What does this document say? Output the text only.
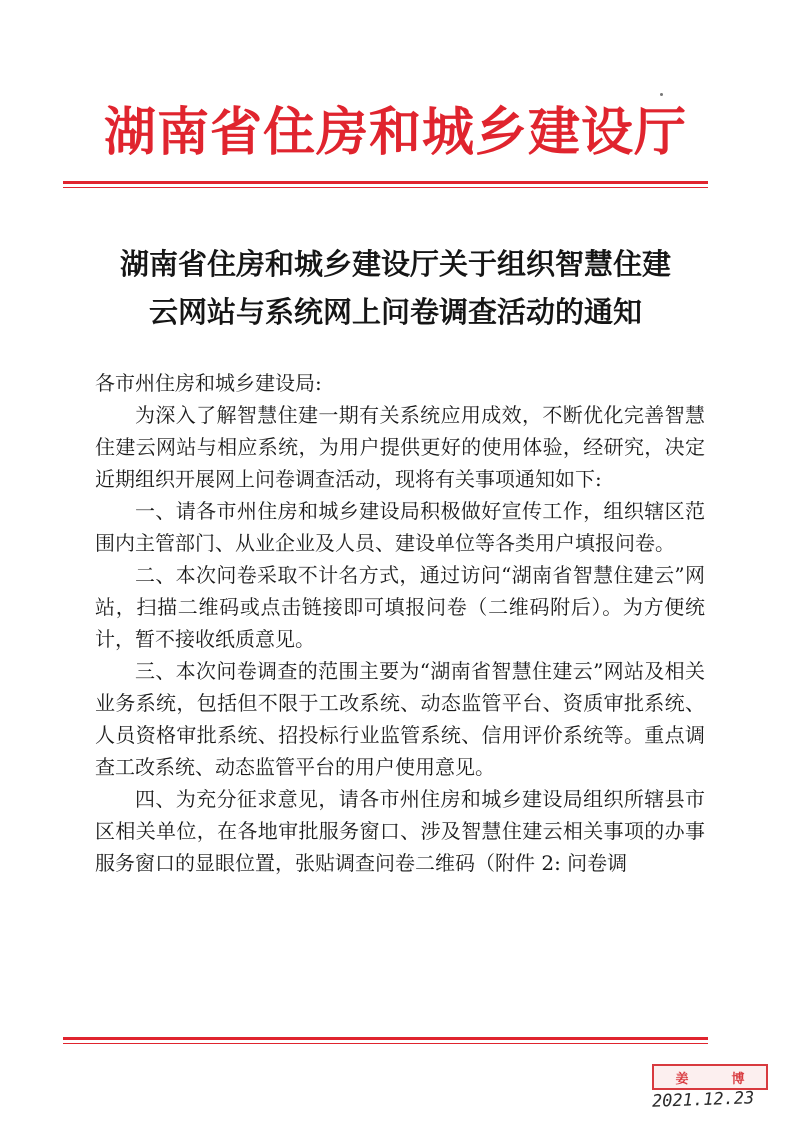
湖南省住房和城乡建设厅
湖南省住房和城乡建设厅关于组织智慧住建
云网站与系统网上问卷调查活动的通知

各市州住房和城乡建设局:

为深入了解智慧住建一期有关系统应用成效，不断优化完善智慧住建云网站与相应系统，为用户提供更好的使用体验，经研究，决定近期组织开展网上问卷调查活动，现将有关事项通知如下:

一、请各市州住房和城乡建设局积极做好宣传工作，组织辖区范围内主管部门、从业企业及人员、建设单位等各类用户填报问卷。

二、本次问卷采取不计名方式，通过访问“湖南省智慧住建云”网站，扫描二维码或点击链接即可填报问卷（二维码附后）。为方便统计，暂不接收纸质意见。

三、本次问卷调查的范围主要为“湖南省智慧住建云”网站及相关业务系统，包括但不限于工改系统、动态监管平台、资质审批系统、人员资格审批系统、招投标行业监管系统、信用评价系统等。重点调查工改系统、动态监管平台的用户使用意见。

四、为充分征求意见，请各市州住房和城乡建设局组织所辖县市区相关单位，在各地审批服务窗口、涉及智慧住建云相关事项的办事服务窗口的显眼位置，张贴调查问卷二维码（附件 2: 问卷调

姜	博
2021.12.23
